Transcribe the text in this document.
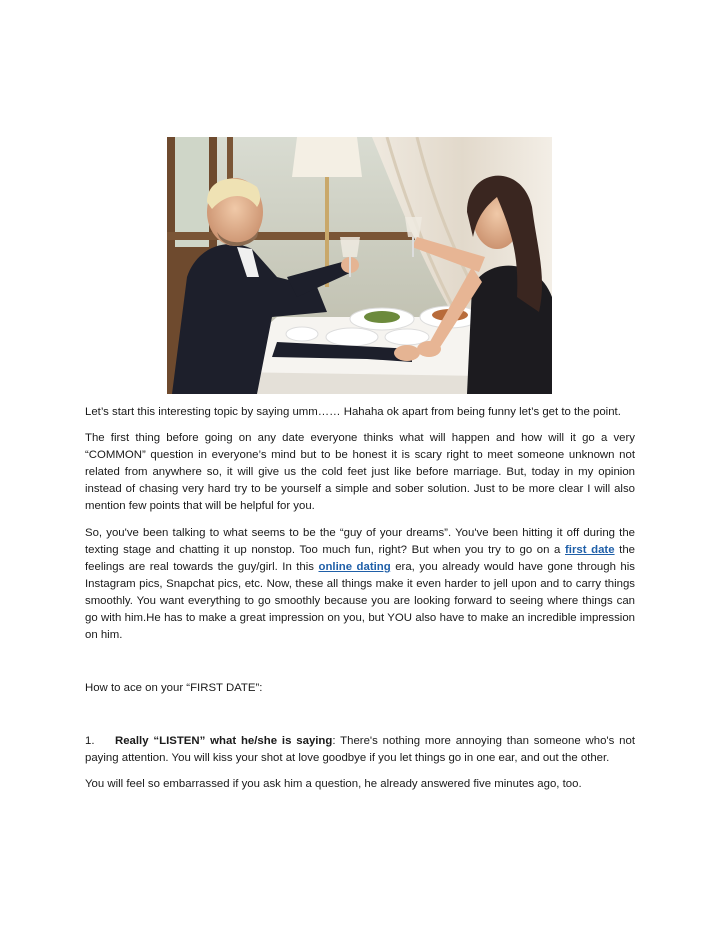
Let’s start this interesting topic by saying umm…… Hahaha ok apart from being funny let’s get to the point.

The first thing before going on any date everyone thinks what will happen and how will it go a very “COMMON” question in everyone’s mind but to be honest it is scary right to meet someone unknown not related from anywhere so, it will give us the cold feet just like before marriage. But, today in my opinion instead of chasing very hard try to be yourself a simple and sober solution. Just to be more clear I will also mention few points that will be helpful for you.

So, you've been talking to what seems to be the “guy of your dreams”. You've been hitting it off during the texting stage and chatting it up nonstop. Too much fun, right? But when you try to go on a first date the feelings are real towards the guy/girl. In this online dating era, you already would have gone through his Instagram pics, Snapchat pics, etc. Now, these all things make it even harder to jell upon and to carry things smoothly. You want everything to go smoothly because you are looking forward to seeing where things can go with him.He has to make a great impression on you, but YOU also have to make an incredible impression on him.

How to ace on your “FIRST DATE”:

1. Really “LISTEN” what he/she is saying: There's nothing more annoying than someone who's not paying attention. You will kiss your shot at love goodbye if you let things go in one ear, and out the other.

You will feel so embarrassed if you ask him a question, he already answered five minutes ago, too.
